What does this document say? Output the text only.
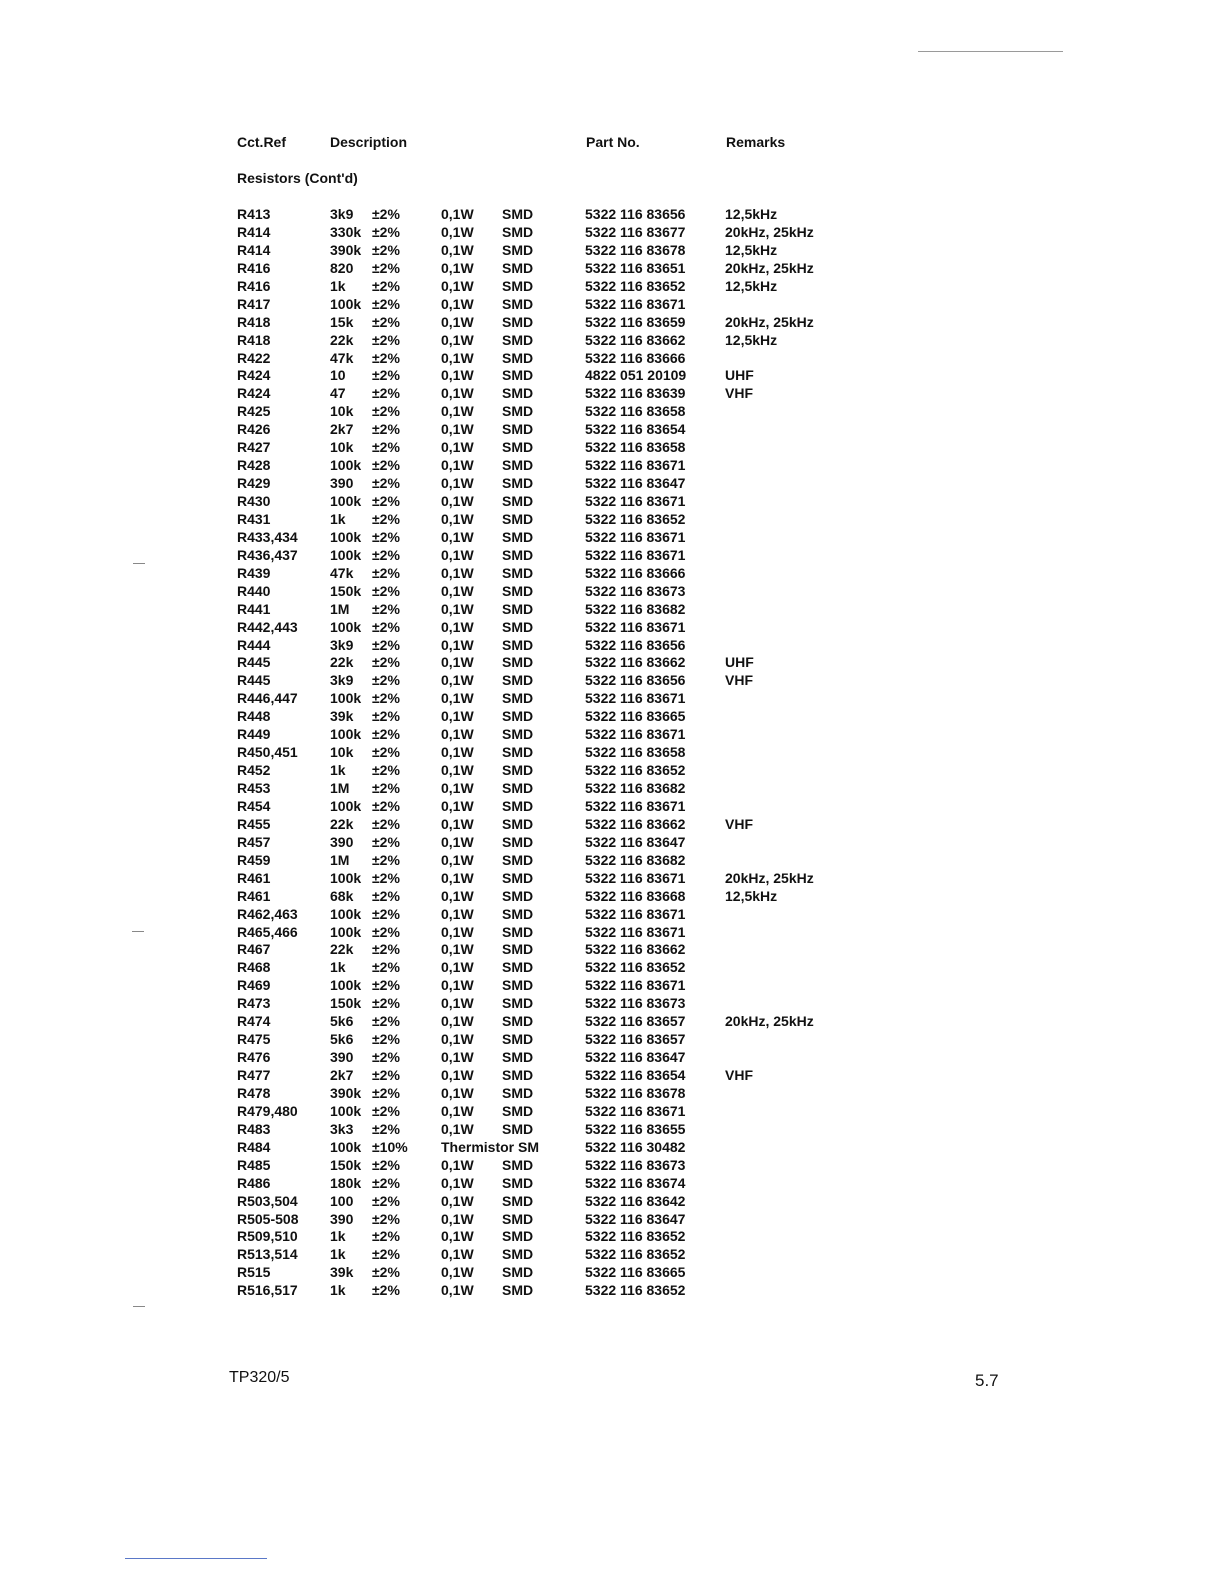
Cct.Ref	Description	Part No.	Remarks
Resistors (Cont'd)
R413	3k9 ±2%	0,1W SMD	5322 116 83656	12,5kHz
R414	330k ±2%	0,1W SMD	5322 116 83677	20kHz, 25kHz
R414	390k ±2%	0,1W SMD	5322 116 83678	12,5kHz
R416	820 ±2%	0,1W SMD	5322 116 83651	20kHz, 25kHz
R416	1k ±2%	0,1W SMD	5322 116 83652	12,5kHz
R417	100k ±2%	0,1W SMD	5322 116 83671
R418	15k ±2%	0,1W SMD	5322 116 83659	20kHz, 25kHz
R418	22k ±2%	0,1W SMD	5322 116 83662	12,5kHz
R422	47k ±2%	0,1W SMD	5322 116 83666
R424	10 ±2%	0,1W SMD	4822 051 20109	UHF
R424	47 ±2%	0,1W SMD	5322 116 83639	VHF
R425	10k ±2%	0,1W SMD	5322 116 83658
R426	2k7 ±2%	0,1W SMD	5322 116 83654
R427	10k ±2%	0,1W SMD	5322 116 83658
R428	100k ±2%	0,1W SMD	5322 116 83671
R429	390 ±2%	0,1W SMD	5322 116 83647
R430	100k ±2%	0,1W SMD	5322 116 83671
R431	1k ±2%	0,1W SMD	5322 116 83652
R433,434 100k ±2%	0,1W SMD	5322 116 83671
R436,437 100k ±2%	0,1W SMD	5322 116 83671
R439	47k ±2%	0,1W SMD	5322 116 83666
R440	150k ±2%	0,1W SMD	5322 116 83673
R441	1M ±2%	0,1W SMD	5322 116 83682
R442,443 100k ±2%	0,1W SMD	5322 116 83671
R444	3k9 ±2%	0,1W SMD	5322 116 83656
R445	22k ±2%	0,1W SMD	5322 116 83662	UHF
R445	3k9 ±2%	0,1W SMD	5322 116 83656	VHF
R446,447 100k ±2%	0,1W SMD	5322 116 83671
R448	39k ±2%	0,1W SMD	5322 116 83665
R449	100k ±2%	0,1W SMD	5322 116 83671
R450,451 10k ±2%	0,1W SMD	5322 116 83658
R452	1k ±2%	0,1W SMD	5322 116 83652
R453	1M ±2%	0,1W SMD	5322 116 83682
R454	100k ±2%	0,1W SMD	5322 116 83671
R455	22k ±2%	0,1W SMD	5322 116 83662	VHF
R457	390 ±2%	0,1W SMD	5322 116 83647
R459	1M ±2%	0,1W SMD	5322 116 83682
R461	100k ±2%	0,1W SMD	5322 116 83671	20kHz, 25kHz
R461	68k ±2%	0,1W SMD	5322 116 83668	12,5kHz
R462,463 100k ±2%	0,1W SMD	5322 116 83671
R465,466 100k ±2%	0,1W SMD	5322 116 83671
R467	22k ±2%	0,1W SMD	5322 116 83662
R468	1k ±2%	0,1W SMD	5322 116 83652
R469	100k ±2%	0,1W SMD	5322 116 83671
R473	150k ±2%	0,1W SMD	5322 116 83673
R474	5k6 ±2%	0,1W SMD	5322 116 83657	20kHz, 25kHz
R475	5k6 ±2%	0,1W SMD	5322 116 83657
R476	390 ±2%	0,1W SMD	5322 116 83647
R477	2k7 ±2%	0,1W SMD	5322 116 83654	VHF
R478	390k ±2%	0,1W SMD	5322 116 83678
R479,480 100k ±2%	0,1W SMD	5322 116 83671
R483	3k3 ±2%	0,1W SMD	5322 116 83655
R484	100k ±10% Thermistor SM	5322 116 30482
R485	150k ±2%	0,1W SMD	5322 116 83673
R486	180k ±2%	0,1W SMD	5322 116 83674
R503,504 100 ±2%	0,1W SMD	5322 116 83642
R505-508 390 ±2%	0,1W SMD	5322 116 83647
R509,510 1k ±2%	0,1W SMD	5322 116 83652
R513,514 1k ±2%	0,1W SMD	5322 116 83652
R515	39k ±2%	0,1W SMD	5322 116 83665
R516,517 1k ±2%	0,1W SMD	5322 116 83652
TP320/5	5.7
